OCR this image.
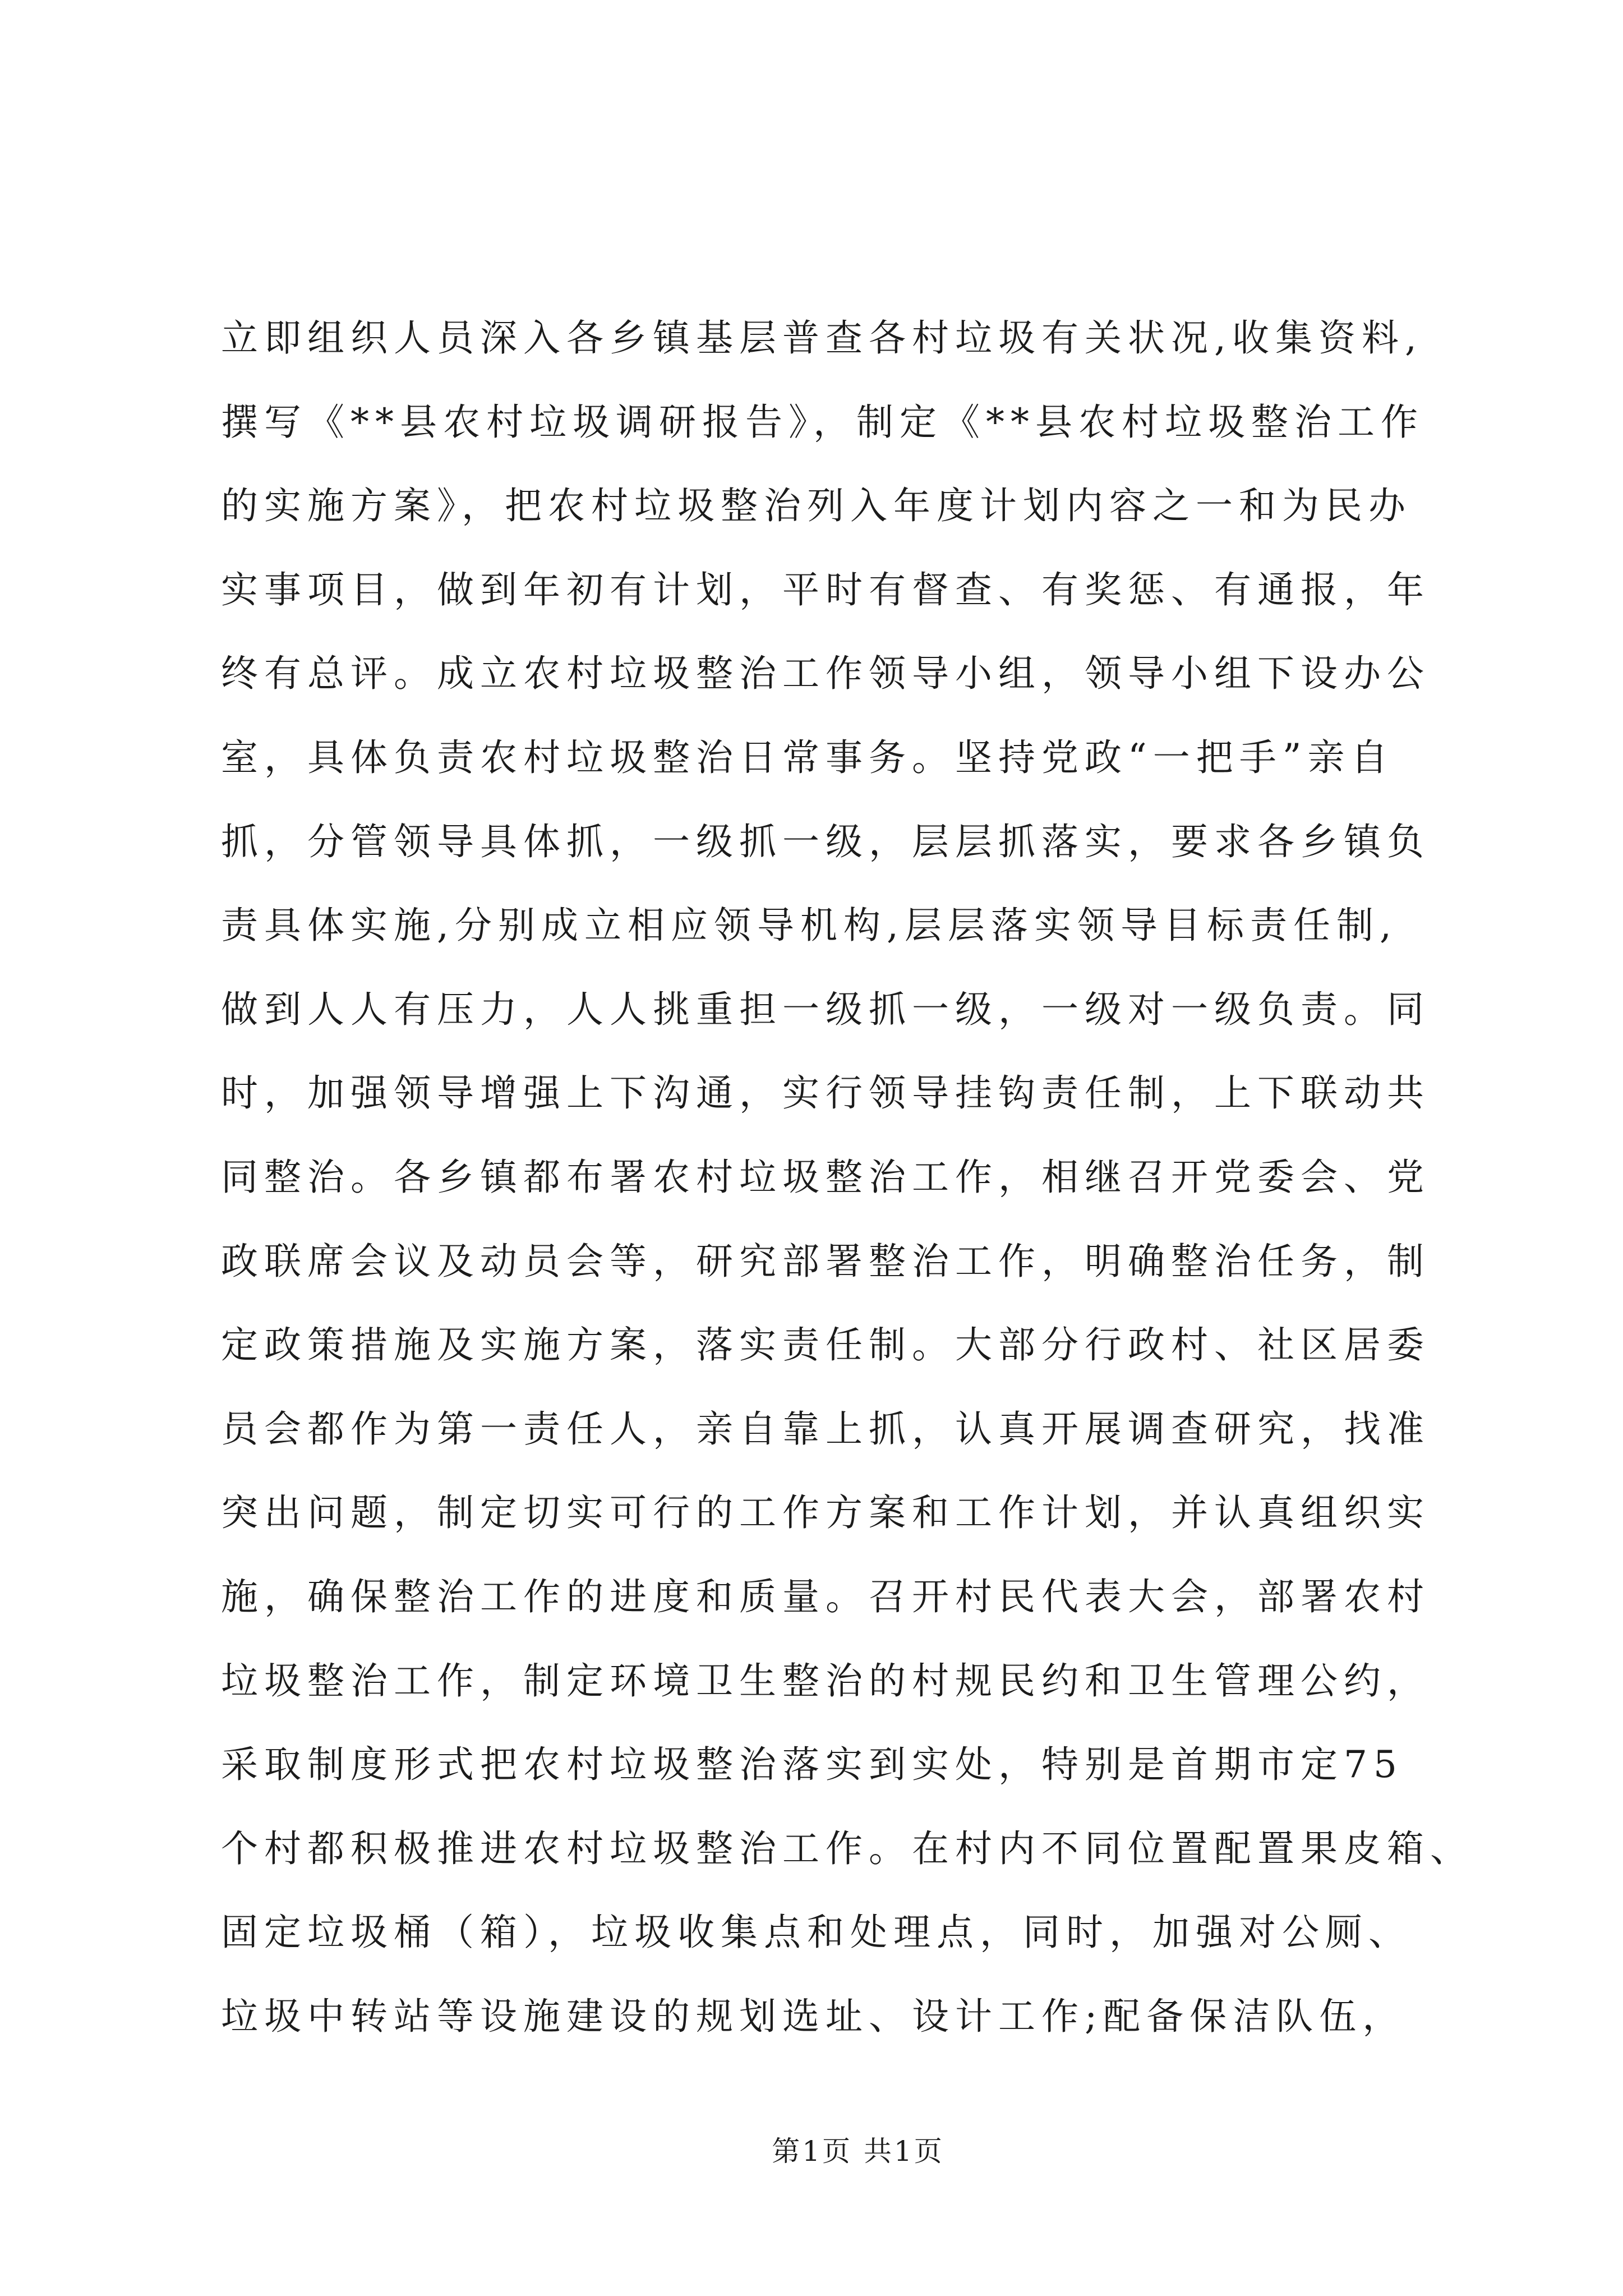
立即组织人员深入各乡镇基层普查各村垃圾有关状况,收集资料,
撰写《**县农村垃圾调研报告》，制定《**县农村垃圾整治工作
的实施方案》，把农村垃圾整治列入年度计划内容之一和为民办
实事项目，做到年初有计划，平时有督查、有奖惩、有通报，年
终有总评。成立农村垃圾整治工作领导小组，领导小组下设办公
室，具体负责农村垃圾整治日常事务。坚持党政“一把手”亲自
抓，分管领导具体抓，一级抓一级，层层抓落实，要求各乡镇负
责具体实施,分别成立相应领导机构,层层落实领导目标责任制,
做到人人有压力，人人挑重担一级抓一级，一级对一级负责。同
时，加强领导增强上下沟通，实行领导挂钩责任制，上下联动共
同整治。各乡镇都布署农村垃圾整治工作，相继召开党委会、党
政联席会议及动员会等，研究部署整治工作，明确整治任务，制
定政策措施及实施方案，落实责任制。大部分行政村、社区居委
员会都作为第一责任人，亲自靠上抓，认真开展调查研究，找准
突出问题，制定切实可行的工作方案和工作计划，并认真组织实
施，确保整治工作的进度和质量。召开村民代表大会，部署农村
垃圾整治工作，制定环境卫生整治的村规民约和卫生管理公约，
采取制度形式把农村垃圾整治落实到实处，特别是首期市定75
个村都积极推进农村垃圾整治工作。在村内不同位置配置果皮箱、
固定垃圾桶（箱），垃圾收集点和处理点，同时，加强对公厕、
垃圾中转站等设施建设的规划选址、设计工作;配备保洁队伍，
第1页 共1页
